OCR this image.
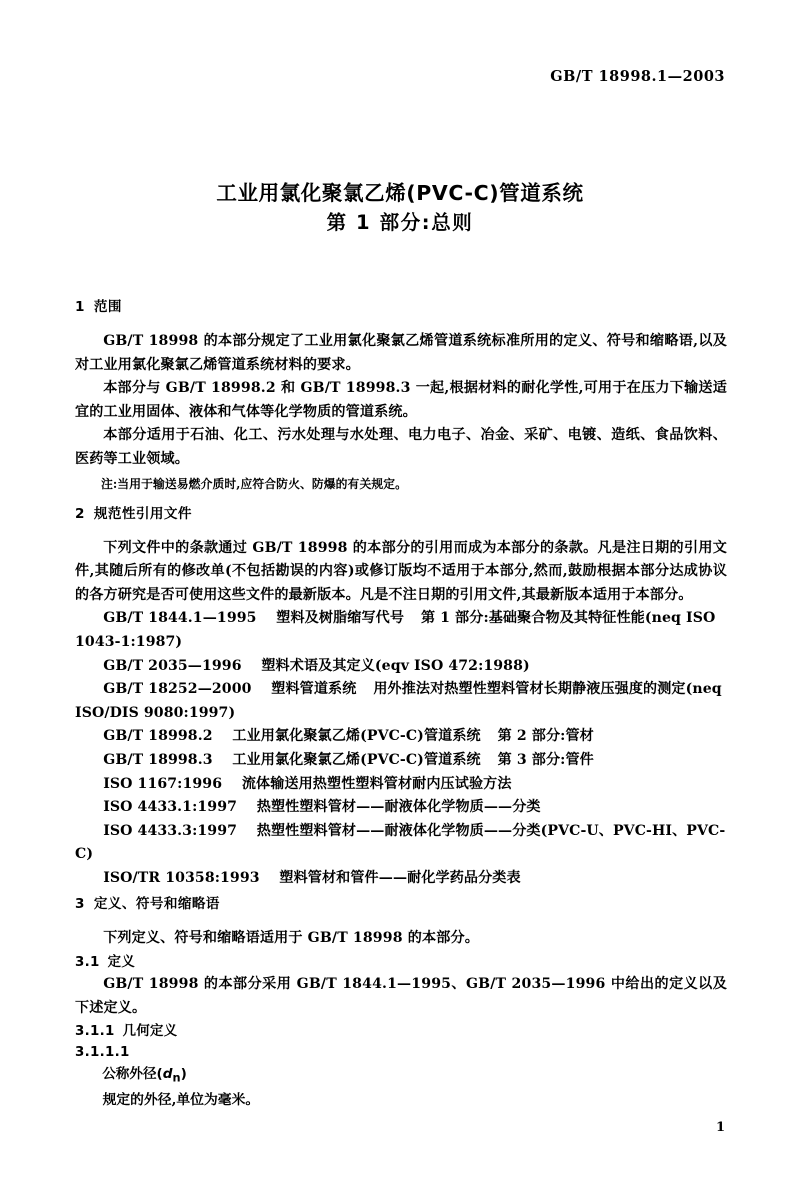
GB/T 18998.1—2003
工业用氯化聚氯乙烯(PVC-C)管道系统
第 1 部分:总则
1 范围

GB/T 18998 的本部分规定了工业用氯化聚氯乙烯管道系统标准所用的定义、符号和缩略语,以及对工业用氯化聚氯乙烯管道系统材料的要求。

本部分与 GB/T 18998.2 和 GB/T 18998.3 一起,根据材料的耐化学性,可用于在压力下输送适宜的工业用固体、液体和气体等化学物质的管道系统。

本部分适用于石油、化工、污水处理与水处理、电力电子、冶金、采矿、电镀、造纸、食品饮料、医药等工业领域。

注:当用于输送易燃介质时,应符合防火、防爆的有关规定。

2 规范性引用文件

下列文件中的条款通过 GB/T 18998 的本部分的引用而成为本部分的条款。凡是注日期的引用文件,其随后所有的修改单(不包括勘误的内容)或修订版均不适用于本部分,然而,鼓励根据本部分达成协议的各方研究是否可使用这些文件的最新版本。凡是不注日期的引用文件,其最新版本适用于本部分。

GB/T 1844.1—1995 塑料及树脂缩写代号 第 1 部分:基础聚合物及其特征性能(neq ISO 1043-1:1987)

GB/T 2035—1996 塑料术语及其定义(eqv ISO 472:1988)

GB/T 18252—2000 塑料管道系统 用外推法对热塑性塑料管材长期静液压强度的测定(neq ISO/DIS 9080:1997)

GB/T 18998.2 工业用氯化聚氯乙烯(PVC-C)管道系统 第 2 部分:管材

GB/T 18998.3 工业用氯化聚氯乙烯(PVC-C)管道系统 第 3 部分:管件

ISO 1167:1996 流体输送用热塑性塑料管材耐内压试验方法

ISO 4433.1:1997 热塑性塑料管材——耐液体化学物质——分类

ISO 4433.3:1997 热塑性塑料管材——耐液体化学物质——分类(PVC-U、PVC-HI、PVC-C)

ISO/TR 10358:1993 塑料管材和管件——耐化学药品分类表

3 定义、符号和缩略语

下列定义、符号和缩略语适用于 GB/T 18998 的本部分。

3.1 定义

GB/T 18998 的本部分采用 GB/T 1844.1—1995、GB/T 2035—1996 中给出的定义以及下述定义。

3.1.1 几何定义
3.1.1.1

公称外径$(d_n)$

规定的外径,单位为毫米。

1
